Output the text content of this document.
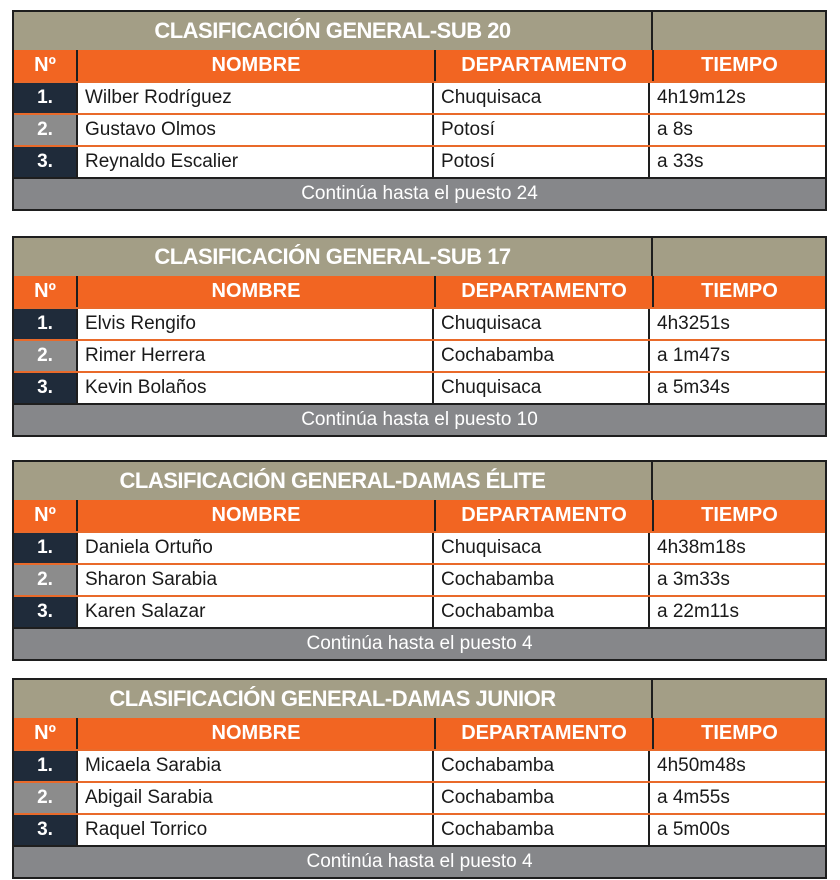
CLASIFICACIÓN GENERAL-SUB 20
Nº	NOMBRE	DEPARTAMENTO	TIEMPO
1.	Wilber Rodríguez	Chuquisaca	4h19m12s
2.	Gustavo Olmos	Potosí	a 8s
3.	Reynaldo Escalier	Potosí	a 33s
Continúa hasta el puesto 24
CLASIFICACIÓN GENERAL-SUB 17
Nº	NOMBRE	DEPARTAMENTO	TIEMPO
1.	Elvis Rengifo	Chuquisaca	4h3251s
2.	Rimer Herrera	Cochabamba	a 1m47s
3.	Kevin Bolaños	Chuquisaca	a 5m34s
Continúa hasta el puesto 10
CLASIFICACIÓN GENERAL-DAMAS ÉLITE
Nº	NOMBRE	DEPARTAMENTO	TIEMPO
1.	Daniela Ortuño	Chuquisaca	4h38m18s
2.	Sharon Sarabia	Cochabamba	a 3m33s
3.	Karen Salazar	Cochabamba	a 22m11s
Continúa hasta el puesto 4
CLASIFICACIÓN GENERAL-DAMAS JUNIOR
Nº	NOMBRE	DEPARTAMENTO	TIEMPO
1.	Micaela Sarabia	Cochabamba	4h50m48s
2.	Abigail Sarabia	Cochabamba	a 4m55s
3.	Raquel Torrico	Cochabamba	a 5m00s
Continúa hasta el puesto 4
